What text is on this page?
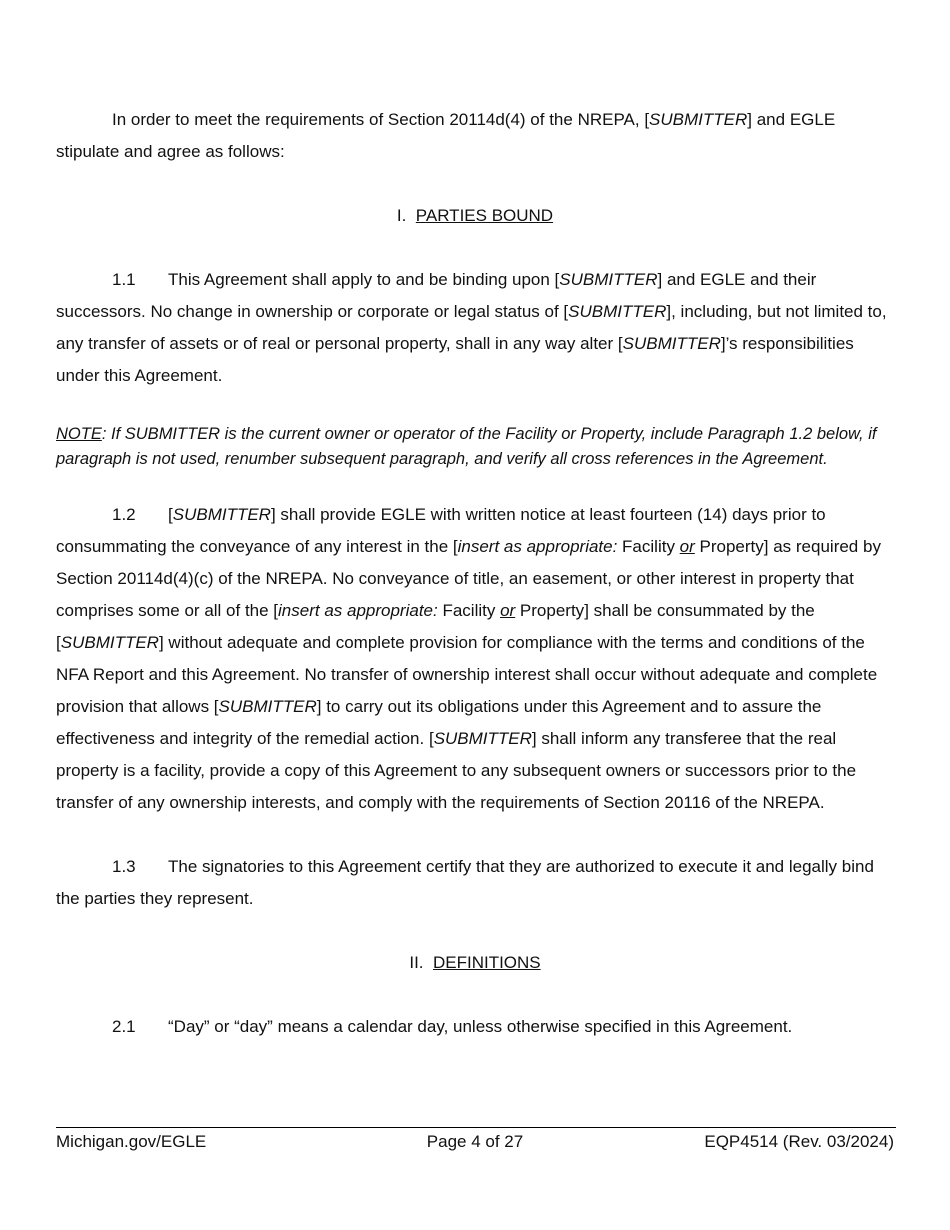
In order to meet the requirements of Section 20114d(4) of the NREPA, [SUBMITTER] and EGLE stipulate and agree as follows:

I. PARTIES BOUND

1.1 This Agreement shall apply to and be binding upon [SUBMITTER] and EGLE and their successors. No change in ownership or corporate or legal status of [SUBMITTER], including, but not limited to, any transfer of assets or of real or personal property, shall in any way alter [SUBMITTER]’s responsibilities under this Agreement.

NOTE: If SUBMITTER is the current owner or operator of the Facility or Property, include Paragraph 1.2 below, if paragraph is not used, renumber subsequent paragraph, and verify all cross references in the Agreement.

1.2 [SUBMITTER] shall provide EGLE with written notice at least fourteen (14) days prior to consummating the conveyance of any interest in the [insert as appropriate: Facility or Property] as required by Section 20114d(4)(c) of the NREPA. No conveyance of title, an easement, or other interest in property that comprises some or all of the [insert as appropriate: Facility or Property] shall be consummated by the [SUBMITTER] without adequate and complete provision for compliance with the terms and conditions of the NFA Report and this Agreement. No transfer of ownership interest shall occur without adequate and complete provision that allows [SUBMITTER] to carry out its obligations under this Agreement and to assure the effectiveness and integrity of the remedial action. [SUBMITTER] shall inform any transferee that the real property is a facility, provide a copy of this Agreement to any subsequent owners or successors prior to the transfer of any ownership interests, and comply with the requirements of Section 20116 of the NREPA.

1.3 The signatories to this Agreement certify that they are authorized to execute it and legally bind the parties they represent.

II. DEFINITIONS

2.1 “Day” or “day” means a calendar day, unless otherwise specified in this Agreement.

Michigan.gov/EGLE	Page 4 of 27	EQP4514 (Rev. 03/2024)
